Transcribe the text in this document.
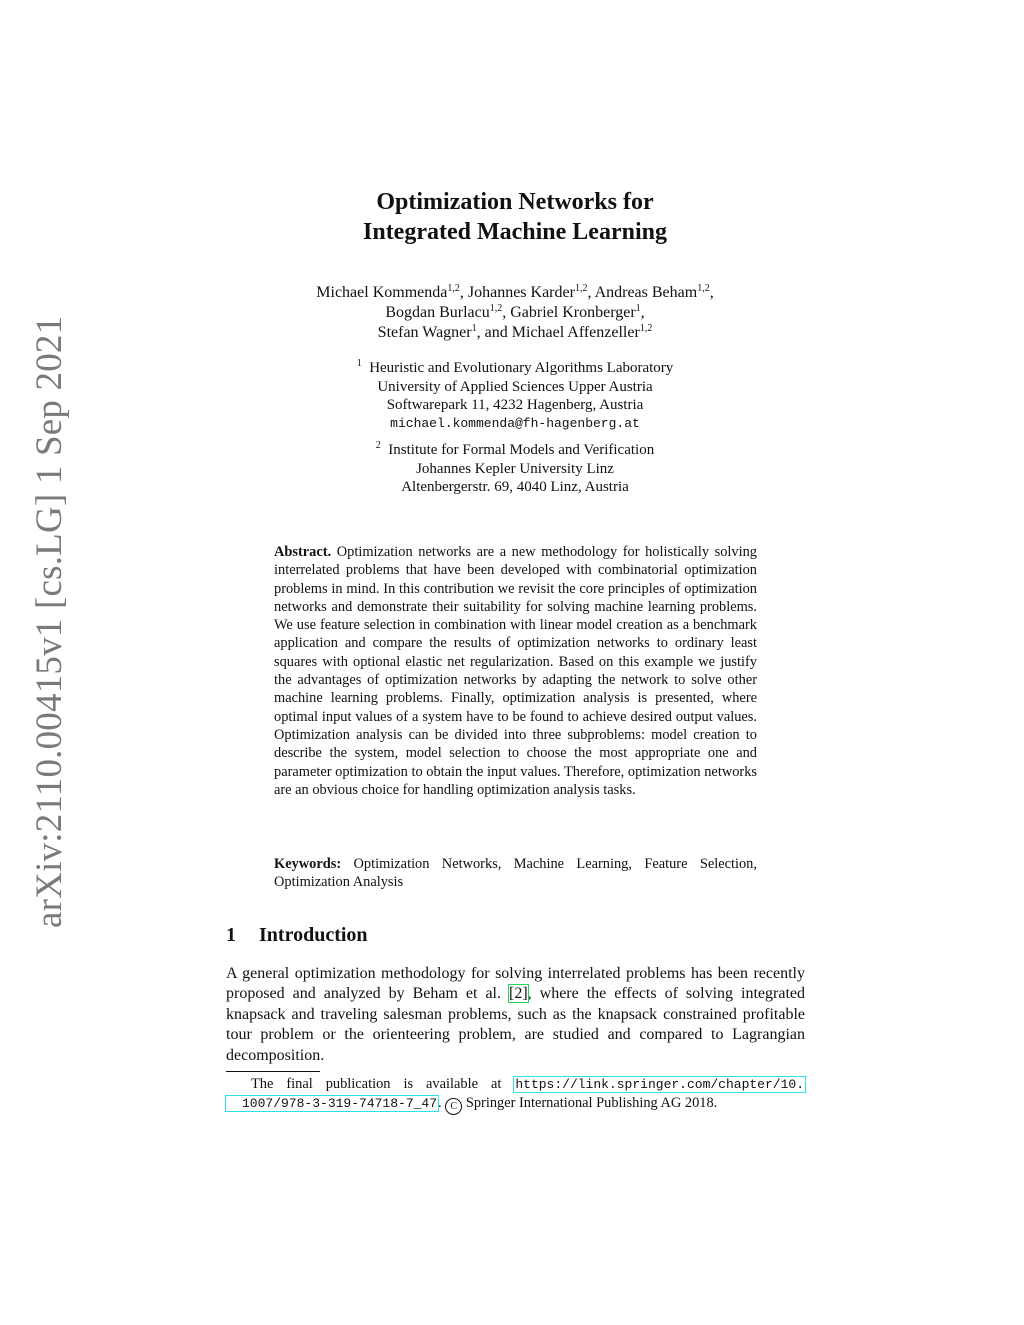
arXiv:2110.00415v1 [cs.LG] 1 Sep 2021
Optimization Networks for
Integrated Machine Learning
Michael Kommenda$^{1,2}$, Johannes Karder$^{1,2}$, Andreas Beham$^{1,2}$,
Bogdan Burlacu$^{1,2}$, Gabriel Kronberger$^1$,
Stefan Wagner$^1$, and Michael Affenzeller$^{1,2}$
$^1$ Heuristic and Evolutionary Algorithms Laboratory
University of Applied Sciences Upper Austria
Softwarepark 11, 4232 Hagenberg, Austria
michael.kommenda@fh-hagenberg.at
$^2$ Institute for Formal Models and Verification
Johannes Kepler University Linz
Altenbergerstr. 69, 4040 Linz, Austria
Abstract. Optimization networks are a new methodology for holistically solving interrelated problems that have been developed with combinatorial optimization problems in mind. In this contribution we revisit the core principles of optimization networks and demonstrate their suitability for solving machine learning problems. We use feature selection in combination with linear model creation as a benchmark application and compare the results of optimization networks to ordinary least squares with optional elastic net regularization. Based on this example we justify the advantages of optimization networks by adapting the network to solve other machine learning problems. Finally, optimization analysis is presented, where optimal input values of a system have to be found to achieve desired output values. Optimization analysis can be divided into three subproblems: model creation to describe the system, model selection to choose the most appropriate one and parameter optimization to obtain the input values. Therefore, optimization networks are an obvious choice for handling optimization analysis tasks.
Keywords: Optimization Networks, Machine Learning, Feature Selection, Optimization Analysis
1 Introduction
A general optimization methodology for solving interrelated problems has been recently proposed and analyzed by Beham et al. [2], where the effects of solving integrated knapsack and traveling salesman problems, such as the knapsack constrained profitable tour problem or the orienteering problem, are studied and compared to Lagrangian decomposition.
The final publication is available at https://link.springer.com/chapter/10.
1007/978-3-319-74718-7_47. C Springer International Publishing AG 2018.
